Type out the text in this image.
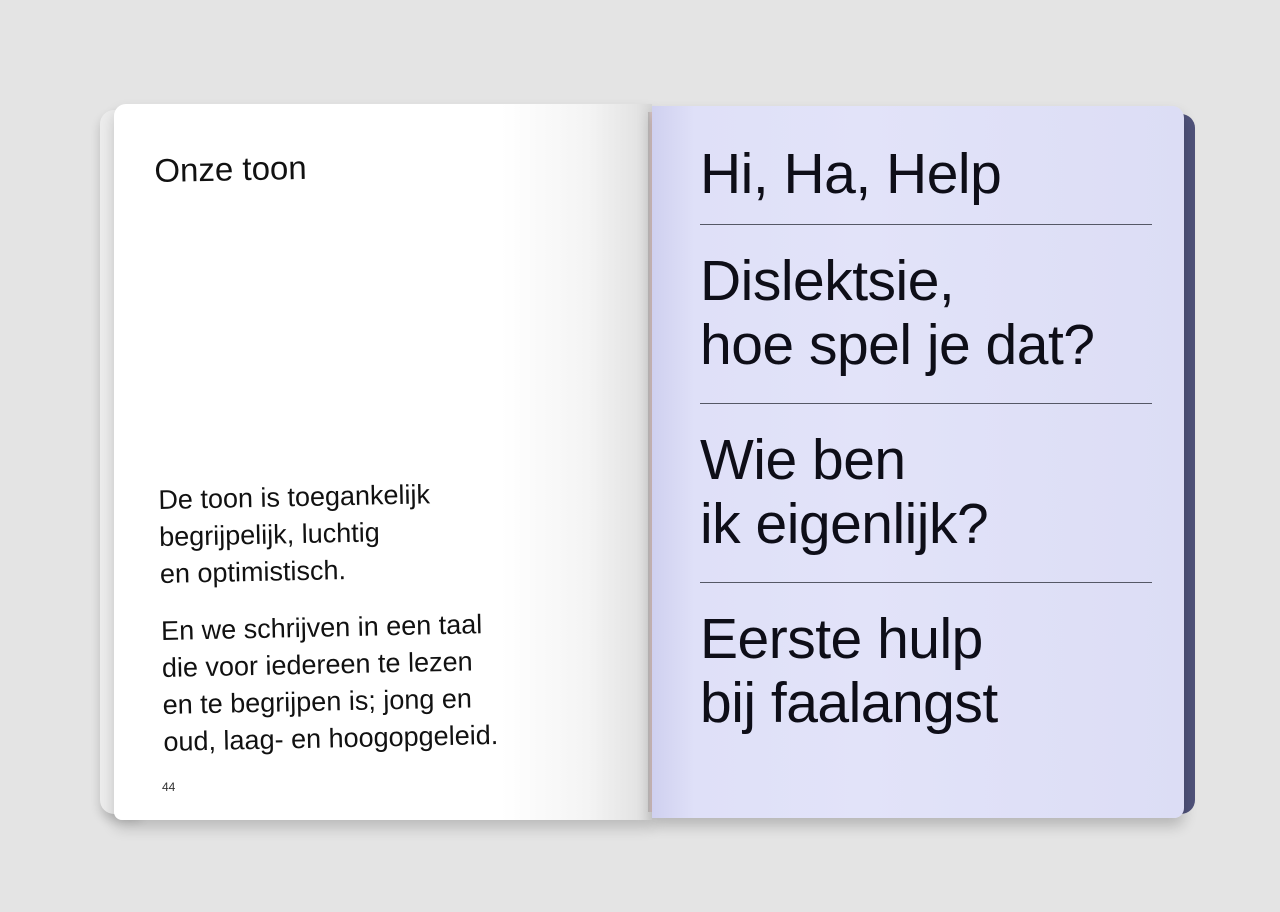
Onze toon

De toon is toegankelijk
begrijpelijk, luchtig
en optimistisch.

En we schrijven in een taal
die voor iedereen te lezen
en te begrijpen is; jong en
oud, laag- en hoogopgeleid.

44

Hi, Ha, Help

Dislektsie,
hoe spel je dat?

Wie ben
ik eigenlijk?

Eerste hulp
bij faalangst
